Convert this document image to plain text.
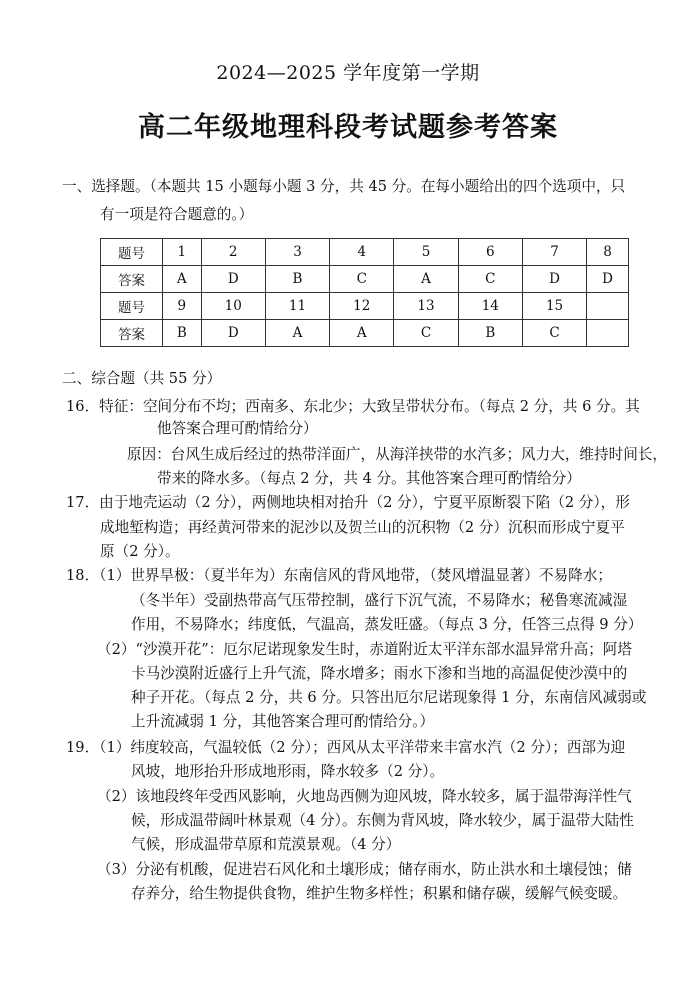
2024—2025 学年度第一学期
高二年级地理科段考试题参考答案
一、选择题。（本题共 15 小题每小题 3 分，共 45 分。在每小题给出的四个选项中，只
有一项是符合题意的。）
题号	1	2	3	4	5	6	7	8
答案	A	D	B	C	A	C	D	D
题号	9	10	11	12	13	14	15	
答案	B	D	A	A	C	B	C	
二、综合题（共 55 分）
16．特征：空间分布不均；西南多、东北少；大致呈带状分布。（每点 2 分，共 6 分。其
他答案合理可酌情给分）
原因：台风生成后经过的热带洋面广，从海洋挟带的水汽多；风力大，维持时间长，
带来的降水多。（每点 2 分，共 4 分。其他答案合理可酌情给分）
17．由于地壳运动（2 分），两侧地块相对抬升（2 分），宁夏平原断裂下陷（2 分），形
成地堑构造；再经黄河带来的泥沙以及贺兰山的沉积物（2 分）沉积而形成宁夏平
原（2 分）。
18．（1）世界旱极：（夏半年为）东南信风的背风地带，（焚风增温显著）不易降水；
（冬半年）受副热带高气压带控制，盛行下沉气流，不易降水；秘鲁寒流减湿
作用，不易降水；纬度低，气温高，蒸发旺盛。（每点 3 分，任答三点得 9 分）
（2）“沙漠开花”：厄尔尼诺现象发生时，赤道附近太平洋东部水温异常升高；阿塔
卡马沙漠附近盛行上升气流，降水增多；雨水下渗和当地的高温促使沙漠中的
种子开花。（每点 2 分，共 6 分。只答出厄尔尼诺现象得 1 分，东南信风减弱或
上升流减弱 1 分，其他答案合理可酌情给分。）
19．（1）纬度较高，气温较低（2 分）；西风从太平洋带来丰富水汽（2 分）；西部为迎
风坡，地形抬升形成地形雨，降水较多（2 分）。
（2）该地段终年受西风影响，火地岛西侧为迎风坡，降水较多，属于温带海洋性气
候，形成温带阔叶林景观（4 分）。东侧为背风坡，降水较少，属于温带大陆性
气候，形成温带草原和荒漠景观。（4 分）
（3）分泌有机酸，促进岩石风化和土壤形成；储存雨水，防止洪水和土壤侵蚀；储
存养分，给生物提供食物，维护生物多样性；积累和储存碳，缓解气候变暖。
